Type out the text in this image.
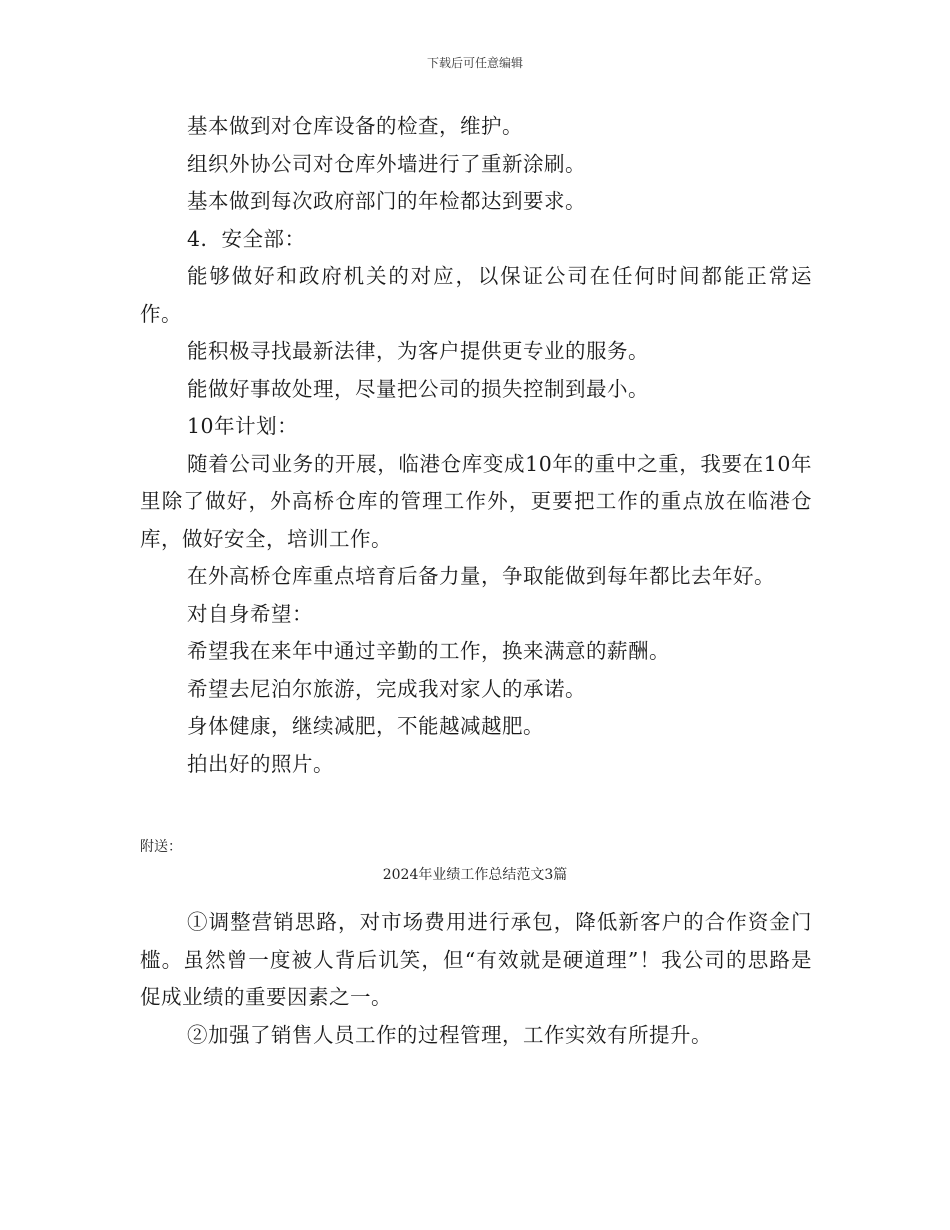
下载后可任意编辑

基本做到对仓库设备的检查，维护。

组织外协公司对仓库外墙进行了重新涂刷。

基本做到每次政府部门的年检都达到要求。

4．安全部：

能够做好和政府机关的对应，以保证公司在任何时间都能正常运作。

能积极寻找最新法律，为客户提供更专业的服务。

能做好事故处理，尽量把公司的损失控制到最小。

10年计划：

随着公司业务的开展，临港仓库变成10年的重中之重，我要在10年里除了做好，外高桥仓库的管理工作外，更要把工作的重点放在临港仓库，做好安全，培训工作。

在外高桥仓库重点培育后备力量，争取能做到每年都比去年好。

对自身希望：

希望我在来年中通过辛勤的工作，换来满意的薪酬。

希望去尼泊尔旅游，完成我对家人的承诺。

身体健康，继续减肥，不能越减越肥。

拍出好的照片。

附送：
2024年业绩工作总结范文3篇

①调整营销思路，对市场费用进行承包，降低新客户的合作资金门槛。虽然曾一度被人背后讥笑，但“有效就是硬道理”！我公司的思路是促成业绩的重要因素之一。

②加强了销售人员工作的过程管理，工作实效有所提升。
